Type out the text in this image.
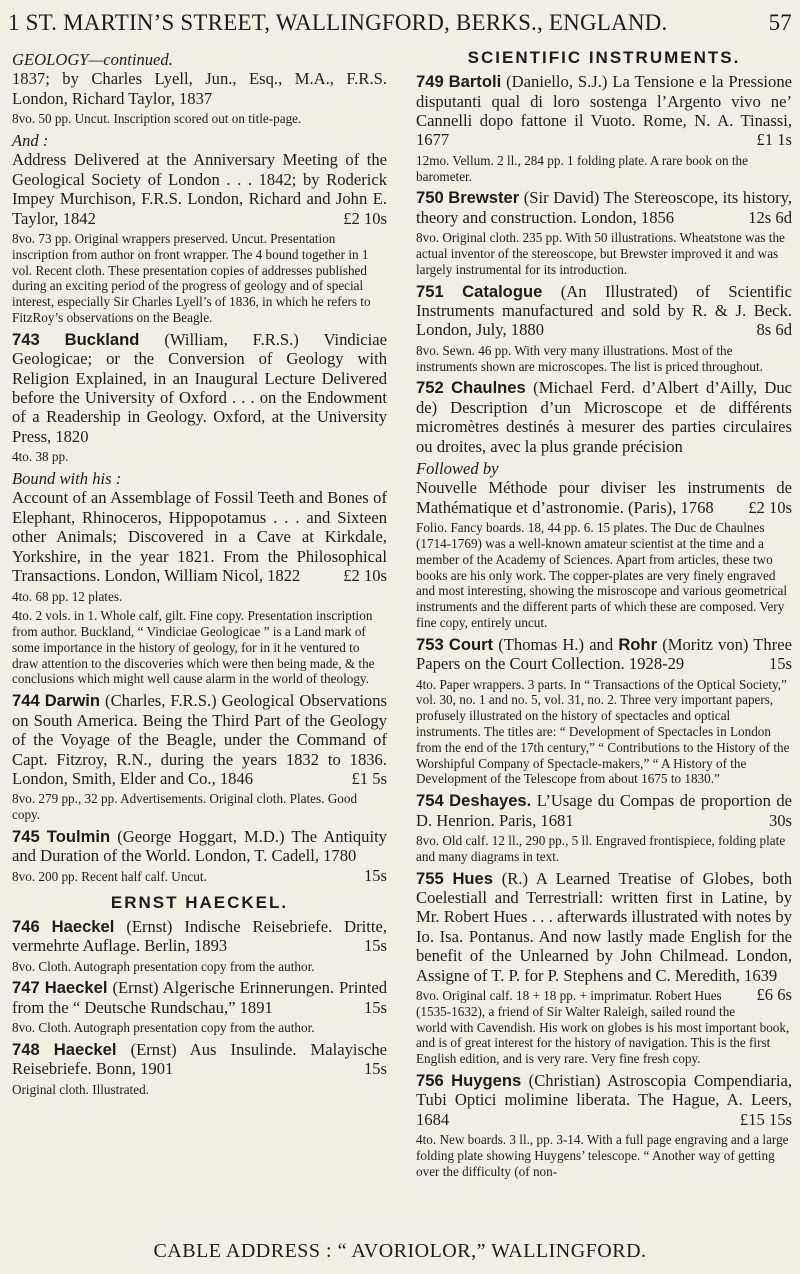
1 ST. MARTIN’S STREET, WALLINGFORD, BERKS., ENGLAND.	57
GEOLOGY—continued.
1837; by Charles Lyell, Jun., Esq., M.A., F.R.S. London, Richard Taylor, 1837
8vo. 50 pp. Uncut. Inscription scored out on title-page.
And :
Address Delivered at the Anniversary Meeting of the Geological Society of London . . . 1842; by Roderick Impey Murchison, F.R.S. London, Richard and John E. Taylor, 1842	£2 10s
8vo. 73 pp. Original wrappers preserved. Uncut. Presentation inscription from author on front wrapper. The 4 bound together in 1 vol. Recent cloth. These presentation copies of addresses published during an exciting period of the progress of geology and of special interest, especially Sir Charles Lyell’s of 1836, in which he refers to FitzRoy’s observations on the Beagle.
743 Buckland (William, F.R.S.) Vindiciae Geologicae; or the Conversion of Geology with Religion Explained, in an Inaugural Lecture Delivered before the University of Oxford . . . on the Endowment of a Readership in Geology. Oxford, at the University Press, 1820
4to. 38 pp.
Bound with his :
Account of an Assemblage of Fossil Teeth and Bones of Elephant, Rhinoceros, Hippopotamus . . . and Sixteen other Animals; Discovered in a Cave at Kirkdale, Yorkshire, in the year 1821. From the Philosophical Transactions. London, William Nicol, 1822	£2 10s
4to. 68 pp. 12 plates.
4to. 2 vols. in 1. Whole calf, gilt. Fine copy. Presentation inscription from author. Buckland, “ Vindiciae Geologicae ” is a Land mark of some importance in the history of geology, for in it he ventured to draw attention to the discoveries which were then being made, & the conclusions which might well cause alarm in the world of theology.
744 Darwin (Charles, F.R.S.) Geological Observations on South America. Being the Third Part of the Geology of the Voyage of the Beagle, under the Command of Capt. Fitzroy, R.N., during the years 1832 to 1836. London, Smith, Elder and Co., 1846	£1 5s
8vo. 279 pp., 32 pp. Advertisements. Original cloth. Plates. Good copy.
745 Toulmin (George Hoggart, M.D.) The Antiquity and Duration of the World. London, T. Cadell, 1780
15s
8vo. 200 pp. Recent half calf. Uncut.
ERNST HAECKEL.
746 Haeckel (Ernst) Indische Reisebriefe. Dritte, vermehrte Auflage. Berlin, 1893	15s
8vo. Cloth. Autograph presentation copy from the author.
747 Haeckel (Ernst) Algerische Erinnerungen. Printed from the “ Deutsche Rundschau,” 1891	15s
8vo. Cloth. Autograph presentation copy from the author.
748 Haeckel (Ernst) Aus Insulinde. Malayische Reisebriefe. Bonn, 1901	15s
Original cloth. Illustrated.
SCIENTIFIC INSTRUMENTS.
749 Bartoli (Daniello, S.J.) La Tensione e la Pressione disputanti qual di loro sostenga l’Argento vivo ne’ Cannelli dopo fattone il Vuoto. Rome, N. A. Tinassi, 1677	£1 1s
12mo. Vellum. 2 ll., 284 pp. 1 folding plate. A rare book on the barometer.
750 Brewster (Sir David) The Stereoscope, its history, theory and construction. London, 1856	12s 6d
8vo. Original cloth. 235 pp. With 50 illustrations. Wheatstone was the actual inventor of the stereoscope, but Brewster improved it and was largely instrumental for its introduction.
751 Catalogue (An Illustrated) of Scientific Instruments manufactured and sold by R. & J. Beck. London, July, 1880	8s 6d
8vo. Sewn. 46 pp. With very many illustrations. Most of the instruments shown are microscopes. The list is priced throughout.
752 Chaulnes (Michael Ferd. d’Albert d’Ailly, Duc de) Description d’un Microscope et de différents micromètres destinés à mesurer des parties circulaires ou droites, avec la plus grande précision
Followed by
Nouvelle Méthode pour diviser les instruments de Mathématique et d’astronomie. (Paris), 1768 £2 10s
Folio. Fancy boards. 18, 44 pp. 6. 15 plates. The Duc de Chaulnes (1714-1769) was a well-known amateur scientist at the time and a member of the Academy of Sciences. Apart from articles, these two books are his only work. The copper-plates are very finely engraved and most interesting, showing the misroscope and various geometrical instruments and the different parts of which these are composed. Very fine copy, entirely uncut.
753 Court (Thomas H.) and Rohr (Moritz von) Three Papers on the Court Collection. 1928-29	15s
4to. Paper wrappers. 3 parts. In “ Transactions of the Optical Society,” vol. 30, no. 1 and no. 5, vol. 31, no. 2. Three very important papers, profusely illustrated on the history of spectacles and optical instruments. The titles are: “ Development of Spectacles in London from the end of the 17th century,” “ Contributions to the History of the Worshipful Company of Spectacle-makers,” “ A History of the Development of the Telescope from about 1675 to 1830.”
754 Deshayes. L’Usage du Compas de proportion de D. Henrion. Paris, 1681	30s
8vo. Old calf. 12 ll., 290 pp., 5 ll. Engraved frontispiece, folding plate and many diagrams in text.
755 Hues (R.) A Learned Treatise of Globes, both Coelestiall and Terrestriall: written first in Latine, by Mr. Robert Hues . . . afterwards illustrated with notes by Io. Isa. Pontanus. And now lastly made English for the benefit of the Unlearned by John Chilmead. London, Assigne of T. P. for P. Stephens and C. Meredith, 1639
£6 6s
8vo. Original calf. 18 + 18 pp. + imprimatur. Robert Hues (1535-1632), a friend of Sir Walter Raleigh, sailed round the world with Cavendish. His work on globes is his most important book, and is of great interest for the history of navigation. This is the first English edition, and is very rare. Very fine fresh copy.
756 Huygens (Christian) Astroscopia Compendiaria, Tubi Optici molimine liberata. The Hague, A. Leers, 1684	£15 15s
4to. New boards. 3 ll., pp. 3-14. With a full page engraving and a large folding plate showing Huygens’ telescope. “ Another way of getting over the difficulty (of non-
CABLE ADDRESS : “ AVORIOLOR,” WALLINGFORD.
